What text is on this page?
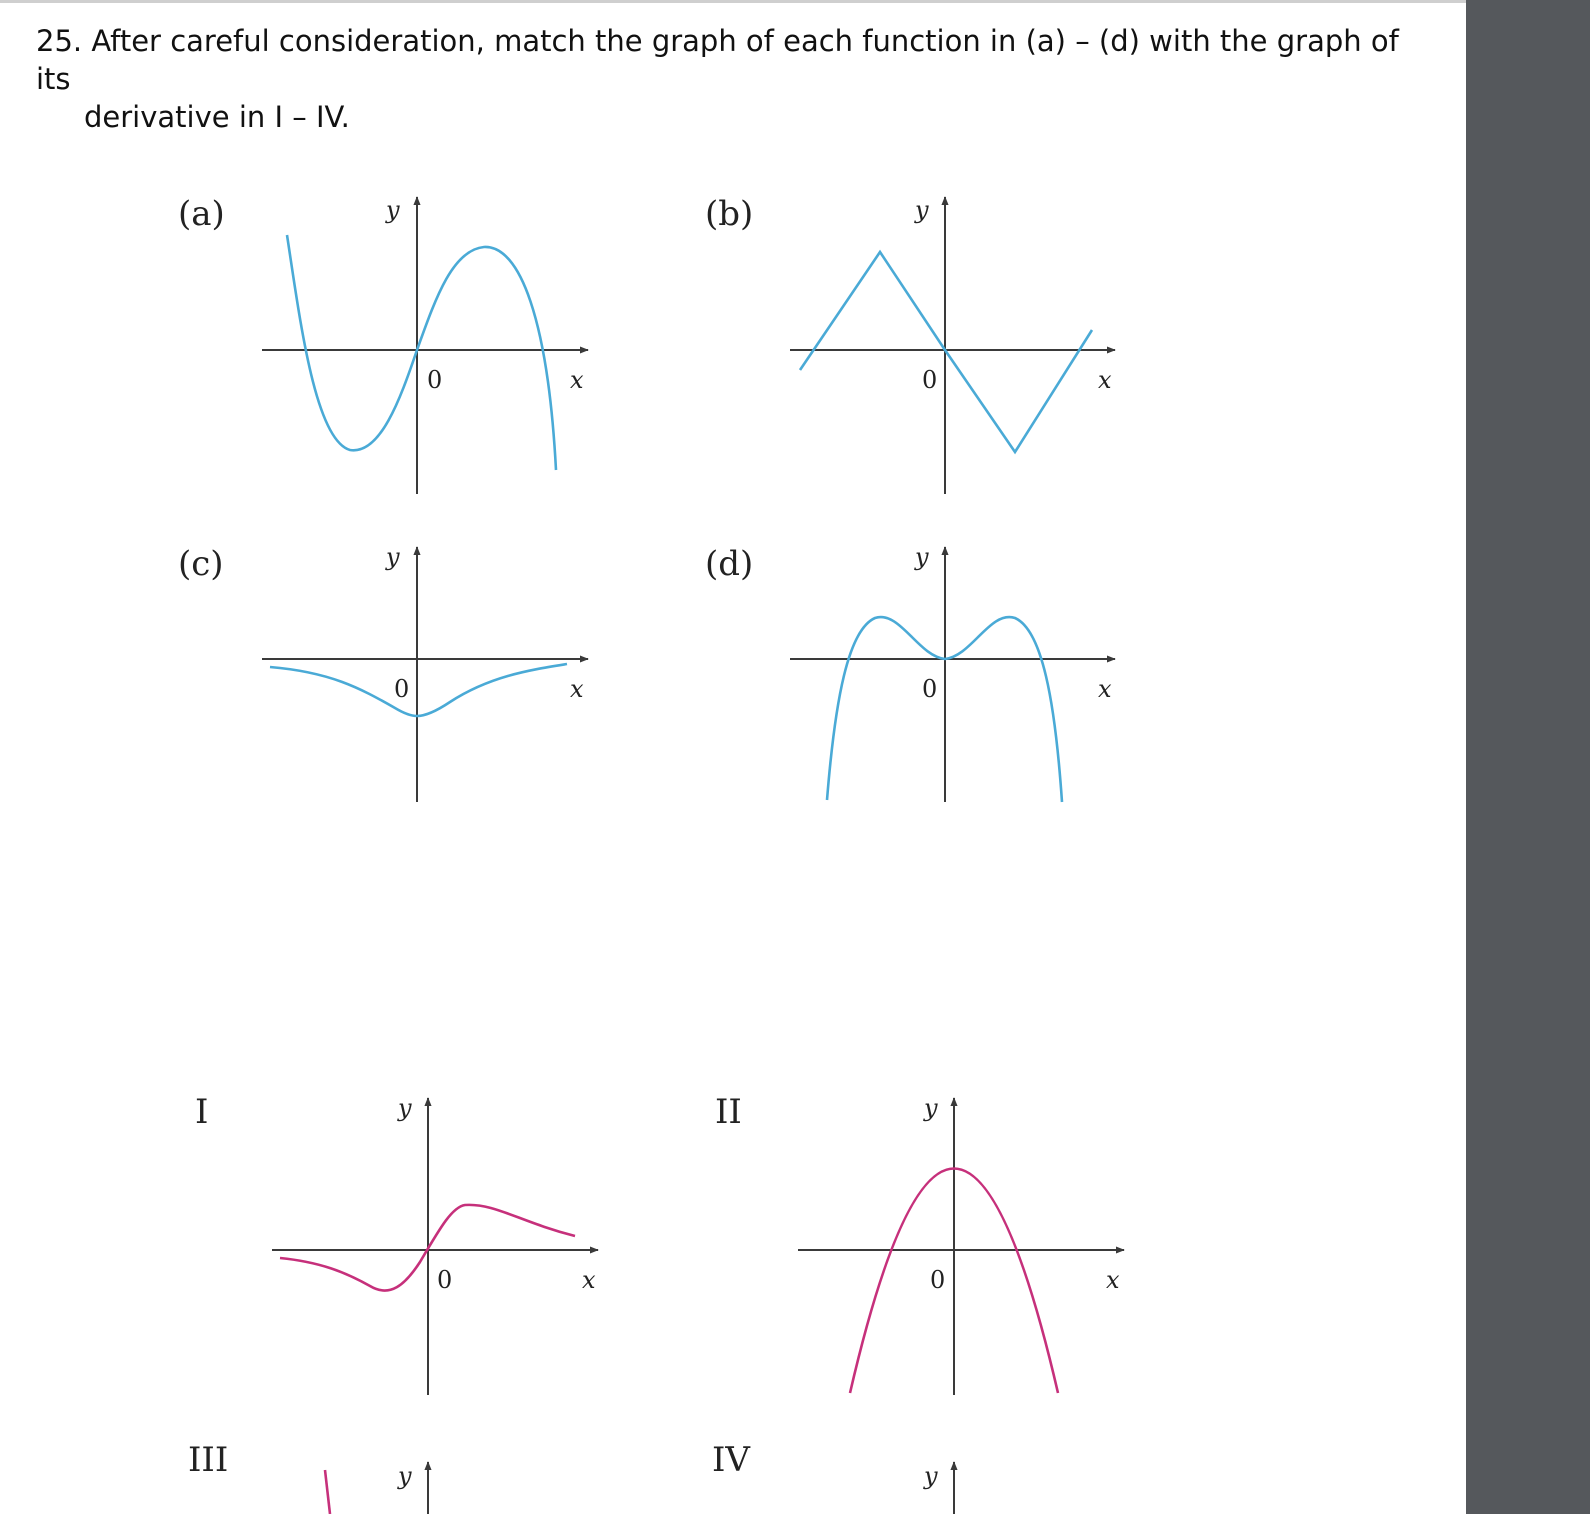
25. After careful consideration, match the graph of each function in (a) – (d) with the graph of its
derivative in I – IV.
(a)	(b)
(c)	(d)
I	II
III	IV
y
x
0
y
x
0
y
x
0
y
x
0
y
x
0
y
x
0
y	y
